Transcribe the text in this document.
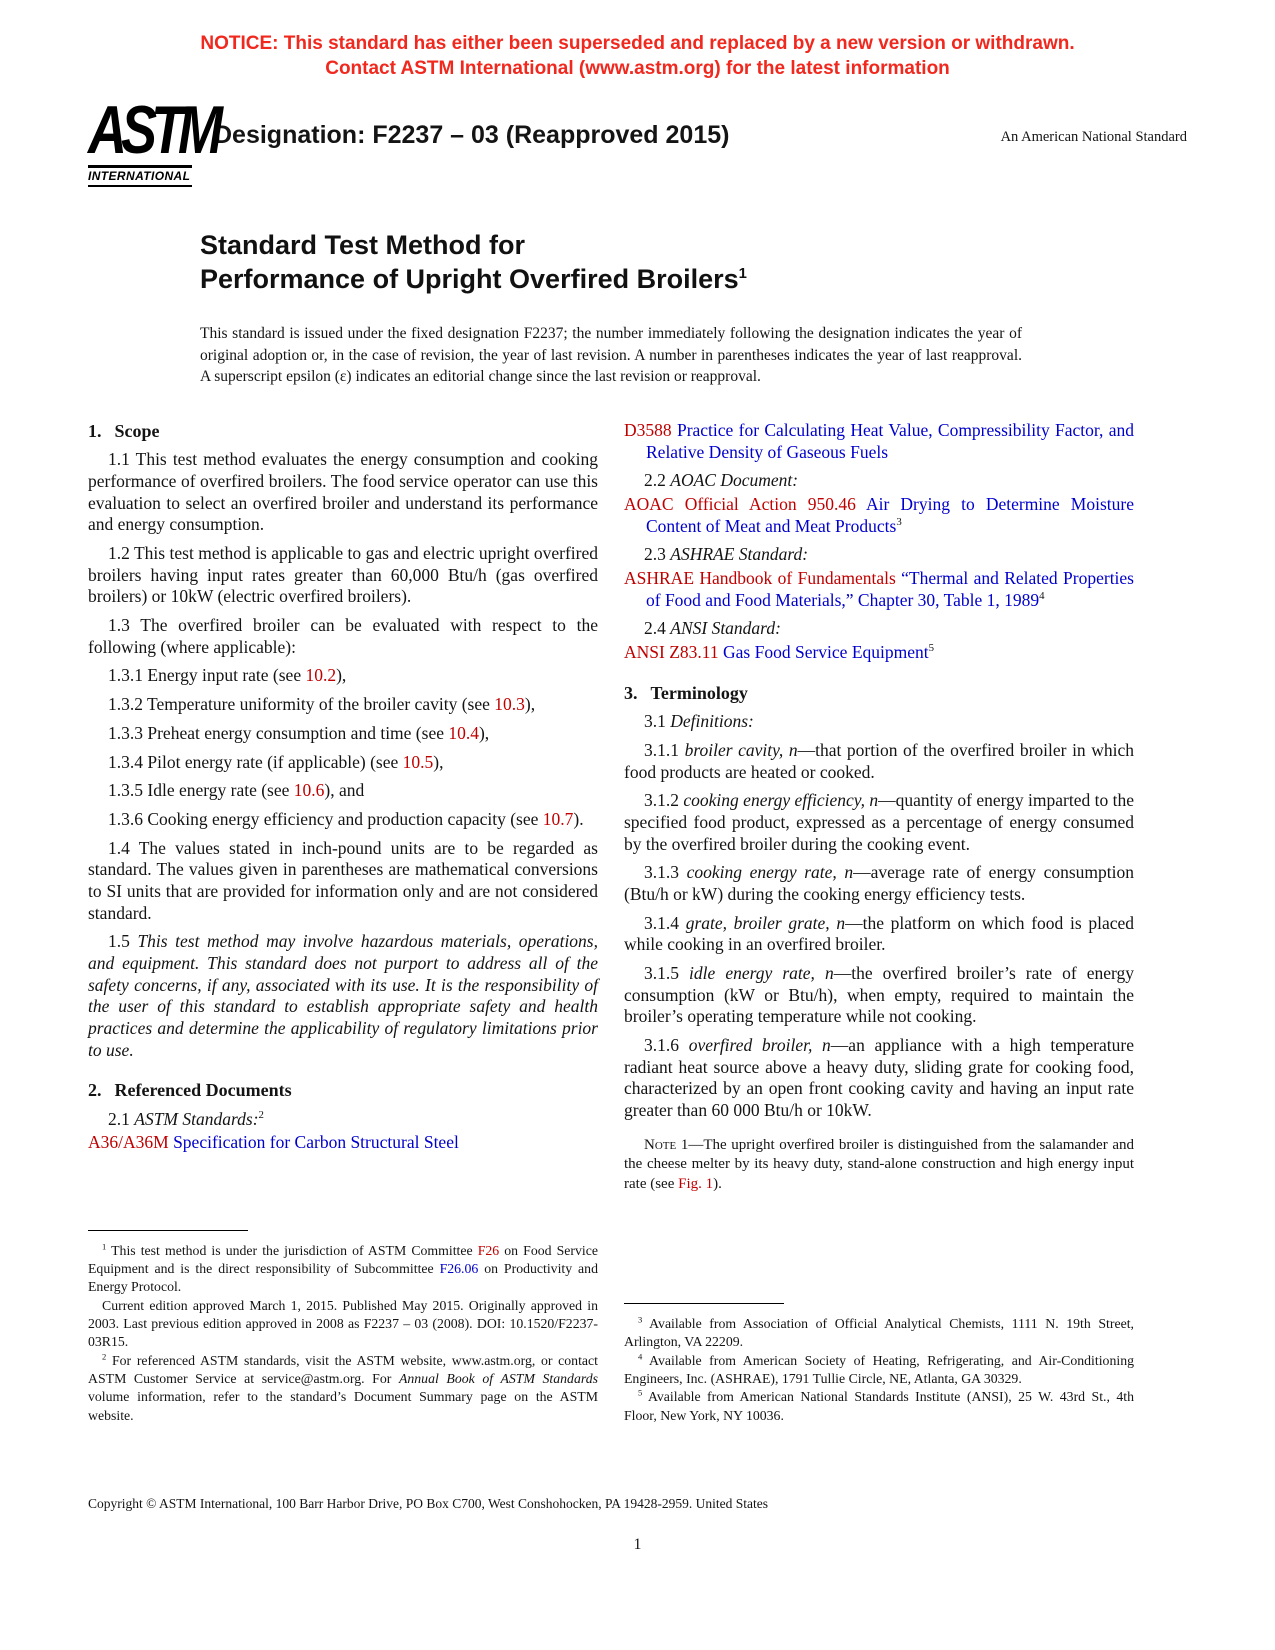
NOTICE: This standard has either been superseded and replaced by a new version or withdrawn.
Contact ASTM International (www.astm.org) for the latest information
ASTM
INTERNATIONAL
Designation: F2237 – 03 (Reapproved 2015)	An American National Standard
Standard Test Method for
Performance of Upright Overfired Broilers$^1$

This standard is issued under the fixed designation F2237; the number immediately following the designation indicates the year of original adoption or, in the case of revision, the year of last revision. A number in parentheses indicates the year of last reapproval. A superscript epsilon (ε) indicates an editorial change since the last revision or reapproval.

1. Scope

1.1 This test method evaluates the energy consumption and cooking performance of overfired broilers. The food service operator can use this evaluation to select an overfired broiler and understand its performance and energy consumption.

1.2 This test method is applicable to gas and electric upright overfired broilers having input rates greater than 60,000 Btu/h (gas overfired broilers) or 10kW (electric overfired broilers).

1.3 The overfired broiler can be evaluated with respect to the following (where applicable):

1.3.1 Energy input rate (see 10.2),

1.3.2 Temperature uniformity of the broiler cavity (see 10.3),

1.3.3 Preheat energy consumption and time (see 10.4),

1.3.4 Pilot energy rate (if applicable) (see 10.5),

1.3.5 Idle energy rate (see 10.6), and

1.3.6 Cooking energy efficiency and production capacity (see 10.7).

1.4 The values stated in inch-pound units are to be regarded as standard. The values given in parentheses are mathematical conversions to SI units that are provided for information only and are not considered standard.

1.5 This test method may involve hazardous materials, operations, and equipment. This standard does not purport to address all of the safety concerns, if any, associated with its use. It is the responsibility of the user of this standard to establish appropriate safety and health practices and determine the applicability of regulatory limitations prior to use.

2. Referenced Documents

2.1 ASTM Standards:$^2$

A36/A36M Specification for Carbon Structural Steel

$^1$ This test method is under the jurisdiction of ASTM Committee F26 on Food Service Equipment and is the direct responsibility of Subcommittee F26.06 on Productivity and Energy Protocol.

Current edition approved March 1, 2015. Published May 2015. Originally approved in 2003. Last previous edition approved in 2008 as F2237 – 03 (2008). DOI: 10.1520/F2237-03R15.

$^2$ For referenced ASTM standards, visit the ASTM website, www.astm.org, or contact ASTM Customer Service at service@astm.org. For Annual Book of ASTM Standards volume information, refer to the standard’s Document Summary page on the ASTM website.

D3588 Practice for Calculating Heat Value, Compressibility Factor, and Relative Density of Gaseous Fuels

2.2 AOAC Document:

AOAC Official Action 950.46 Air Drying to Determine Moisture Content of Meat and Meat Products$^3$

2.3 ASHRAE Standard:

ASHRAE Handbook of Fundamentals “Thermal and Related Properties of Food and Food Materials,” Chapter 30, Table 1, 1989$^4$

2.4 ANSI Standard:

ANSI Z83.11 Gas Food Service Equipment$^5$

3. Terminology

3.1 Definitions:

3.1.1 broiler cavity, n—that portion of the overfired broiler in which food products are heated or cooked.

3.1.2 cooking energy efficiency, n—quantity of energy imparted to the specified food product, expressed as a percentage of energy consumed by the overfired broiler during the cooking event.

3.1.3 cooking energy rate, n—average rate of energy consumption (Btu/h or kW) during the cooking energy efficiency tests.

3.1.4 grate, broiler grate, n—the platform on which food is placed while cooking in an overfired broiler.

3.1.5 idle energy rate, n—the overfired broiler’s rate of energy consumption (kW or Btu/h), when empty, required to maintain the broiler’s operating temperature while not cooking.

3.1.6 overfired broiler, n—an appliance with a high temperature radiant heat source above a heavy duty, sliding grate for cooking food, characterized by an open front cooking cavity and having an input rate greater than 60 000 Btu/h or 10kW.

Note 1—The upright overfired broiler is distinguished from the salamander and the cheese melter by its heavy duty, stand-alone construction and high energy input rate (see Fig. 1).

$^3$ Available from Association of Official Analytical Chemists, 1111 N. 19th Street, Arlington, VA 22209.

$^4$ Available from American Society of Heating, Refrigerating, and Air-Conditioning Engineers, Inc. (ASHRAE), 1791 Tullie Circle, NE, Atlanta, GA 30329.

$^5$ Available from American National Standards Institute (ANSI), 25 W. 43rd St., 4th Floor, New York, NY 10036.

Copyright © ASTM International, 100 Barr Harbor Drive, PO Box C700, West Conshohocken, PA 19428-2959. United States
1
